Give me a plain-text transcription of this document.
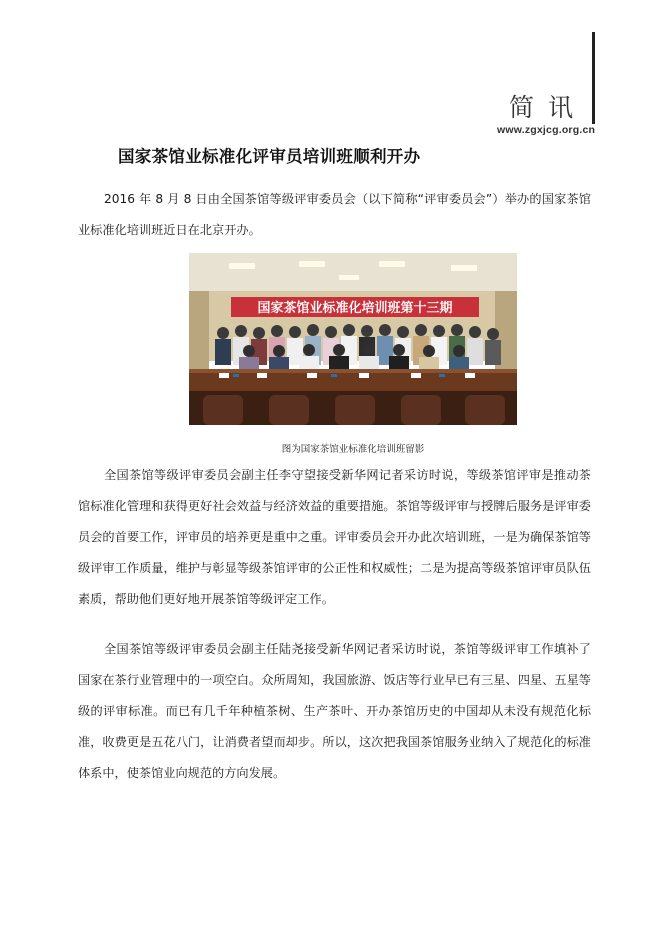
简讯
www.zgxjcg.org.cn
国家茶馆业标准化评审员培训班顺利开办

2016 年 8 月 8 日由全国茶馆等级评审委员会（以下简称“评审委员会”）举办的国家茶馆业标准化培训班近日在北京开办。

国家茶馆业标准化培训班第十三期
图为国家茶馆业标准化培训班留影

全国茶馆等级评审委员会副主任李守望接受新华网记者采访时说，等级茶馆评审是推动茶馆标准化管理和获得更好社会效益与经济效益的重要措施。茶馆等级评审与授牌后服务是评审委员会的首要工作，评审员的培养更是重中之重。评审委员会开办此次培训班，一是为确保茶馆等级评审工作质量，维护与彰显等级茶馆评审的公正性和权威性；二是为提高等级茶馆评审员队伍素质，帮助他们更好地开展茶馆等级评定工作。

全国茶馆等级评审委员会副主任陆尧接受新华网记者采访时说，茶馆等级评审工作填补了国家在茶行业管理中的一项空白。众所周知，我国旅游、饭店等行业早已有三星、四星、五星等级的评审标准。而已有几千年种植茶树、生产茶叶、开办茶馆历史的中国却从未没有规范化标准，收费更是五花八门，让消费者望而却步。所以，这次把我国茶馆服务业纳入了规范化的标准体系中，使茶馆业向规范的方向发展。
